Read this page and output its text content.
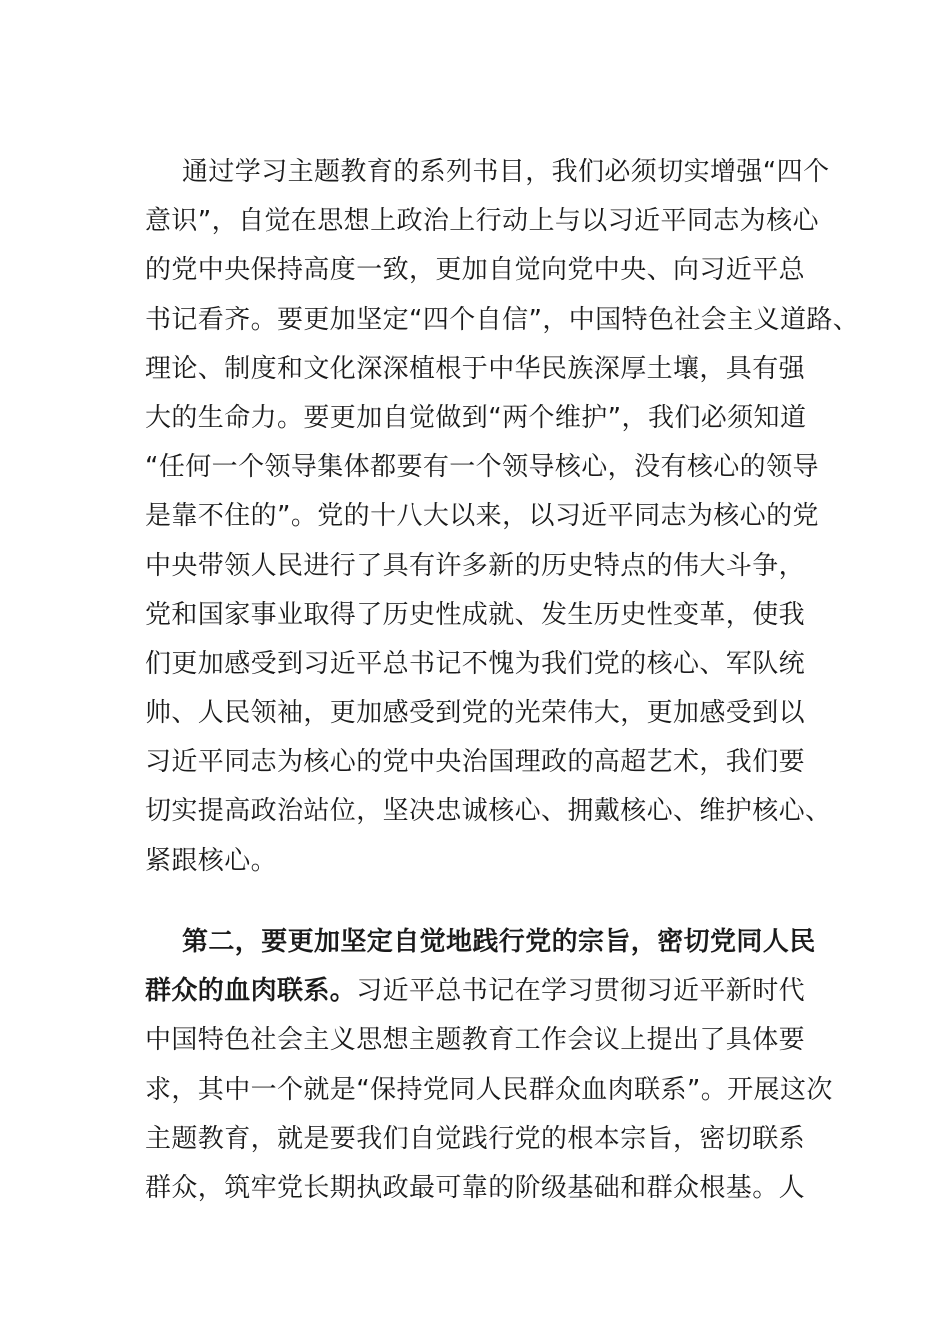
通过学习主题教育的系列书目，我们必须切实增强“四个
意识”，自觉在思想上政治上行动上与以习近平同志为核心
的党中央保持高度一致，更加自觉向党中央、向习近平总
书记看齐。要更加坚定“四个自信”，中国特色社会主义道路、
理论、制度和文化深深植根于中华民族深厚土壤，具有强
大的生命力。要更加自觉做到“两个维护”，我们必须知道
“任何一个领导集体都要有一个领导核心，没有核心的领导
是靠不住的”。党的十八大以来，以习近平同志为核心的党
中央带领人民进行了具有许多新的历史特点的伟大斗争，
党和国家事业取得了历史性成就、发生历史性变革，使我
们更加感受到习近平总书记不愧为我们党的核心、军队统
帅、人民领袖，更加感受到党的光荣伟大，更加感受到以
习近平同志为核心的党中央治国理政的高超艺术，我们要
切实提高政治站位，坚决忠诚核心、拥戴核心、维护核心、
紧跟核心。
第二，要更加坚定自觉地践行党的宗旨，密切党同人民
群众的血肉联系。习近平总书记在学习贯彻习近平新时代
中国特色社会主义思想主题教育工作会议上提出了具体要
求，其中一个就是“保持党同人民群众血肉联系”。开展这次
主题教育，就是要我们自觉践行党的根本宗旨，密切联系
群众，筑牢党长期执政最可靠的阶级基础和群众根基。人
